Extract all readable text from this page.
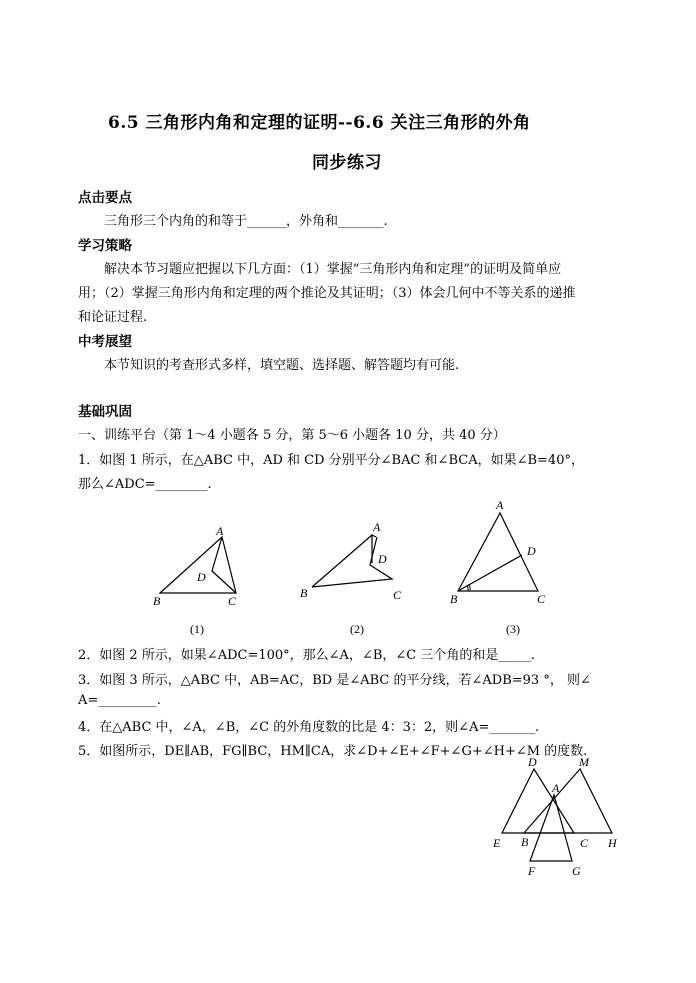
6.5 三角形内角和定理的证明--6.6 关注三角形的外角
同步练习
点击要点
三角形三个内角的和等于______，外角和_______.
学习策略
解决本节习题应把握以下几方面：（1）掌握“三角形内角和定理”的证明及简单应
用；（2）掌握三角形内角和定理的两个推论及其证明；（3）体会几何中不等关系的递推
和论证过程.
中考展望
本节知识的考查形式多样，填空题、选择题、解答题均有可能.
基础巩固
一、训练平台（第 1～4 小题各 5 分，第 5～6 小题各 10 分，共 40 分）
1．如图 1 所示，在△ABC 中，AD 和 CD 分别平分∠BAC 和∠BCA，如果∠B=40°，
那么∠ADC=________.
A
B	C
D
(1)
A
B	C
D
(2)
A
B	C
D
(3)
2．如图 2 所示，如果∠ADC=100°，那么∠A，∠B，∠C 三个角的和是_____.
3．如图 3 所示，△ABC 中，AB=AC，BD 是∠ABC 的平分线，若∠ADB=93 °， 则∠
A=_________.
4．在△ABC 中，∠A，∠B，∠C 的外角度数的比是 4：3：2，则∠A=_______.
5．如图所示，DE∥AB，FG∥BC，HM∥CA，求∠D+∠E+∠F+∠G+∠H+∠M 的度数.
D	M
A
E B	C H
F	G
